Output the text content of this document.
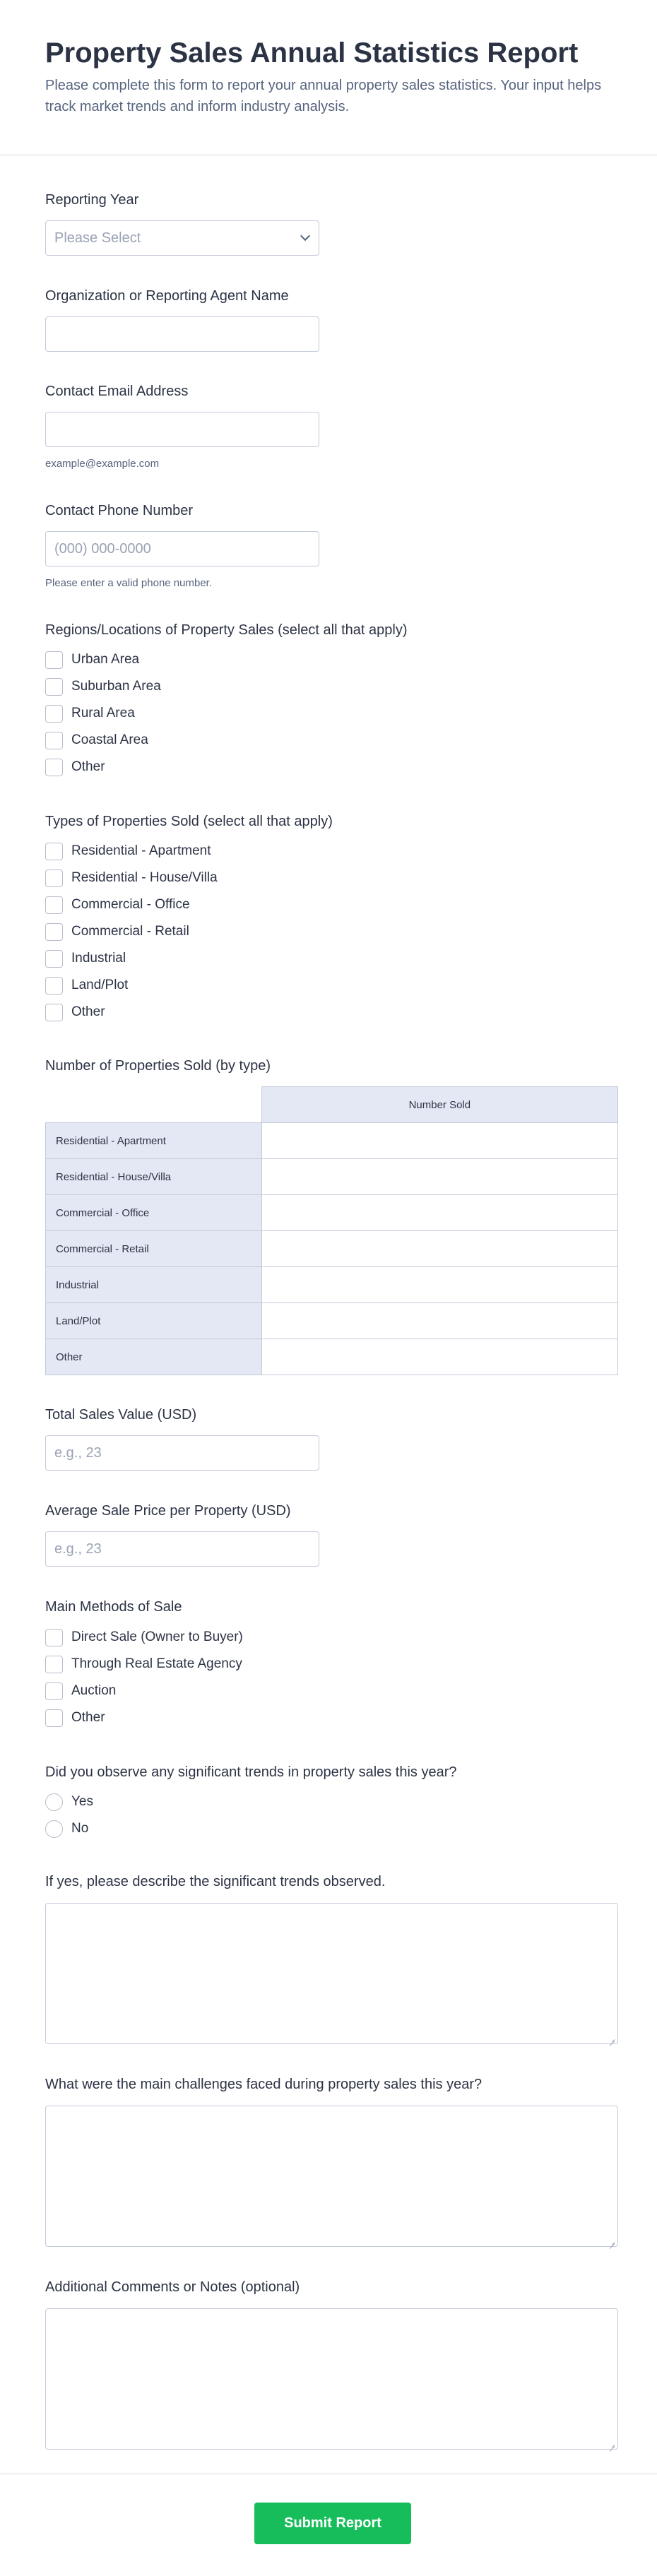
Property Sales Annual Statistics Report

Please complete this form to report your annual property sales statistics. Your input helps track market trends and inform industry analysis.

Reporting Year
Please Select
Organization or Reporting Agent Name
Contact Email Address
example@example.com
Contact Phone Number
(000) 000-0000
Please enter a valid phone number.
Regions/Locations of Property Sales (select all that apply)
Urban Area
Suburban Area
Rural Area
Coastal Area
Other
Types of Properties Sold (select all that apply)
Residential - Apartment
Residential - House/Villa
Commercial - Office
Commercial - Retail
Industrial
Land/Plot
Other
Number of Properties Sold (by type)
	Number Sold
Residential - Apartment	
Residential - House/Villa	
Commercial - Office	
Commercial - Retail	
Industrial	
Land/Plot	
Other	
Total Sales Value (USD)
e.g., 23
Average Sale Price per Property (USD)
e.g., 23
Main Methods of Sale
Direct Sale (Owner to Buyer)
Through Real Estate Agency
Auction
Other
Did you observe any significant trends in property sales this year?
Yes
No
If yes, please describe the significant trends observed.
What were the main challenges faced during property sales this year?
Additional Comments or Notes (optional)
Submit Report
